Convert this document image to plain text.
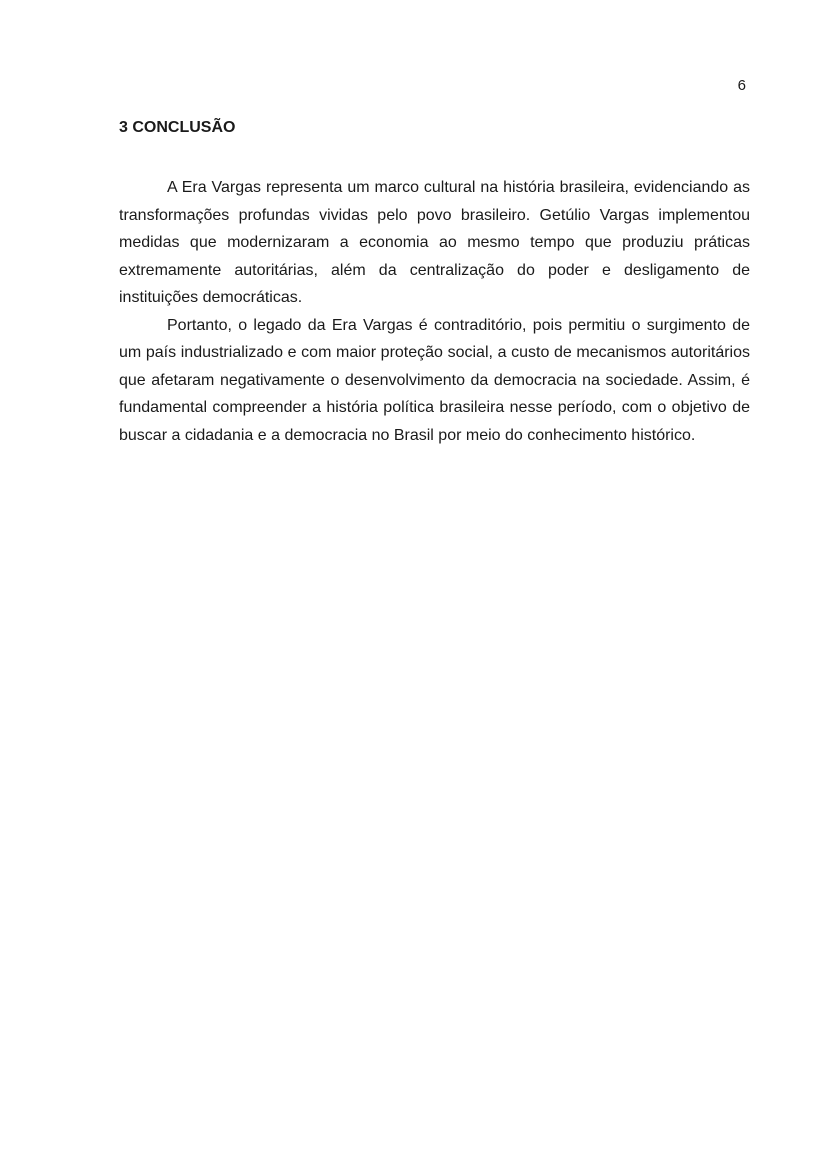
6
3 CONCLUSÃO

A Era Vargas representa um marco cultural na história brasileira, evidenciando as transformações profundas vividas pelo povo brasileiro. Getúlio Vargas implementou medidas que modernizaram a economia ao mesmo tempo que produziu práticas extremamente autoritárias, além da centralização do poder e desligamento de instituições democráticas.

Portanto, o legado da Era Vargas é contraditório, pois permitiu o surgimento de um país industrializado e com maior proteção social, a custo de mecanismos autoritários que afetaram negativamente o desenvolvimento da democracia na sociedade. Assim, é fundamental compreender a história política brasileira nesse período, com o objetivo de buscar a cidadania e a democracia no Brasil por meio do conhecimento histórico.
